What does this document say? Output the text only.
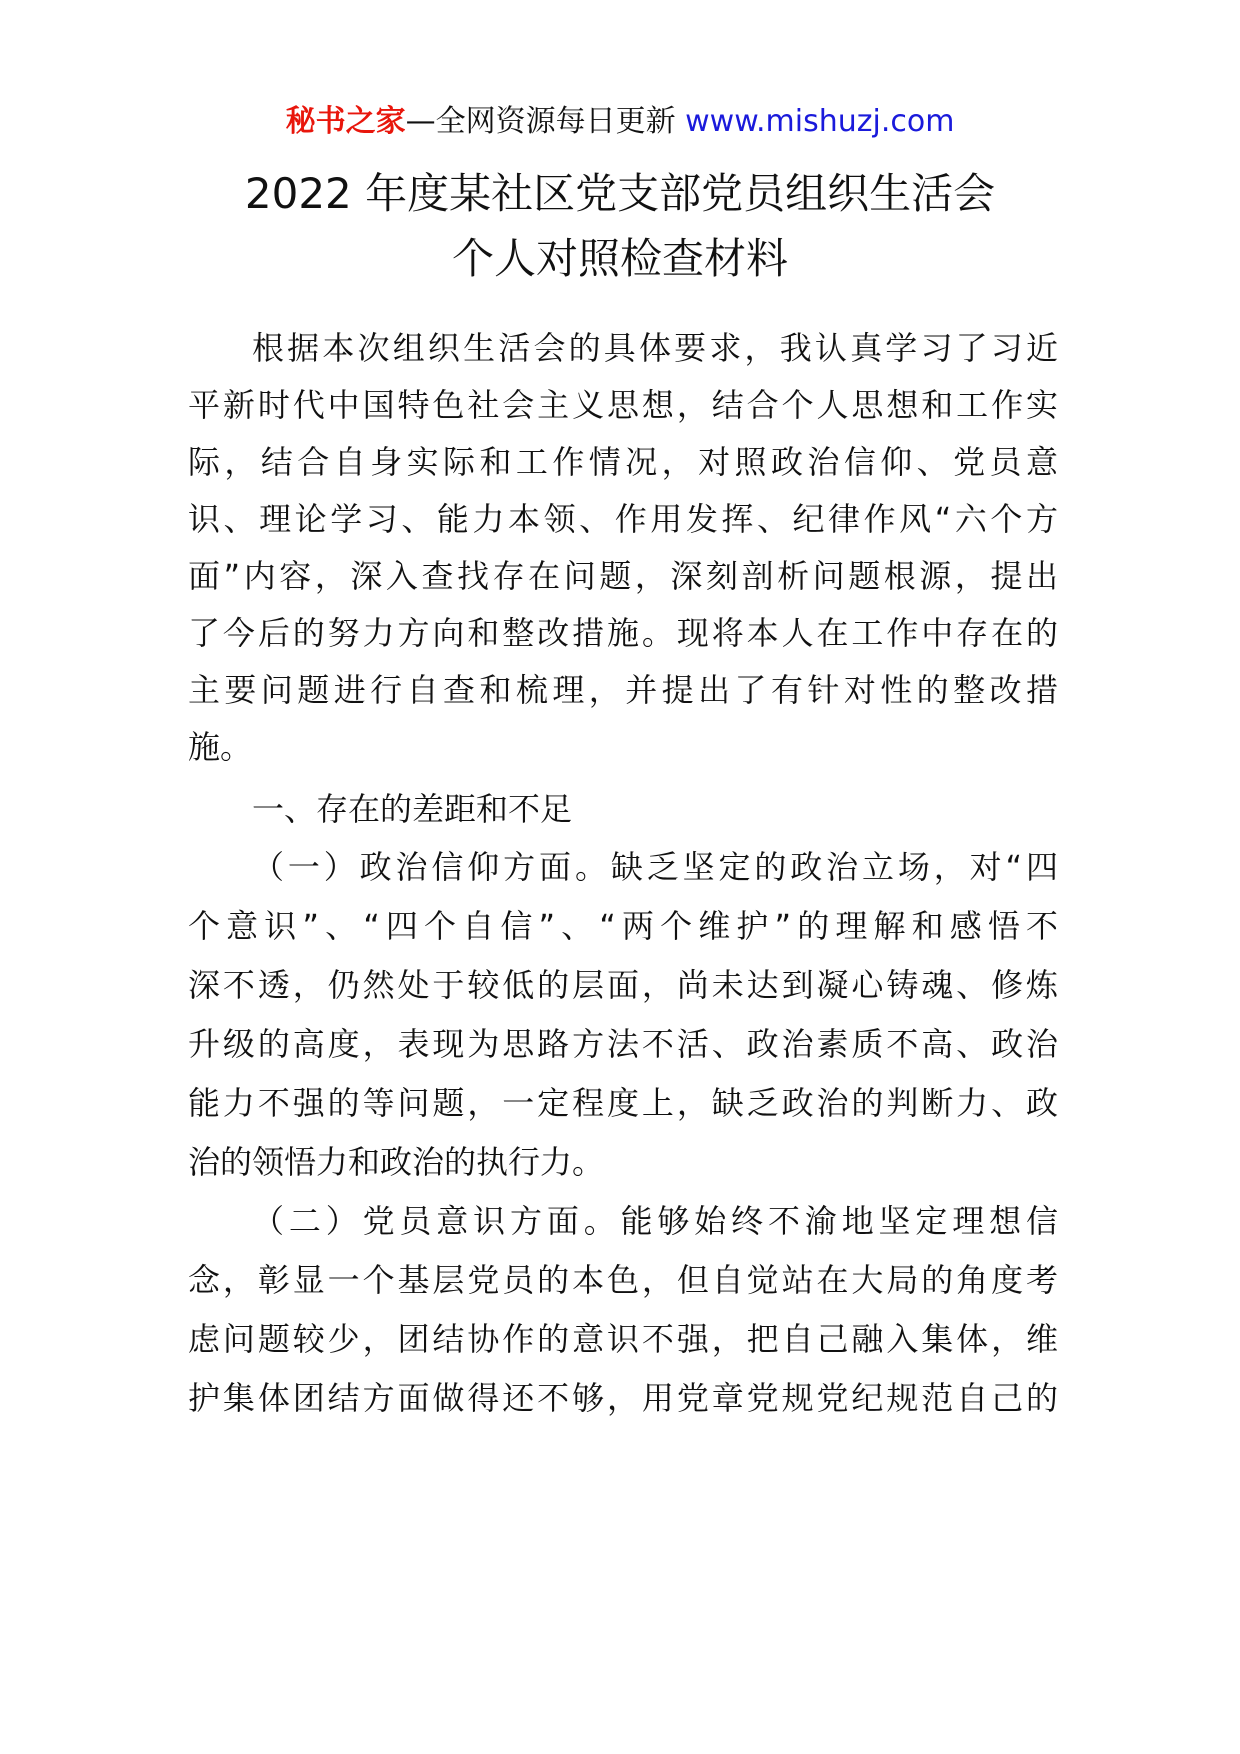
秘书之家—全网资源每日更新 www.mishuzj.com
2022 年度某社区党支部党员组织生活会
个人对照检查材料
根据本次组织生活会的具体要求，我认真学习了习近
平新时代中国特色社会主义思想，结合个人思想和工作实
际，结合自身实际和工作情况，对照政治信仰、党员意
识、理论学习、能力本领、作用发挥、纪律作风“六个方
面”内容，深入查找存在问题，深刻剖析问题根源，提出
了今后的努力方向和整改措施。现将本人在工作中存在的
主要问题进行自查和梳理，并提出了有针对性的整改措
施。
一、存在的差距和不足
（一）政治信仰方面。缺乏坚定的政治立场，对“四
个意识”、“四个自信”、“两个维护”的理解和感悟不
深不透，仍然处于较低的层面，尚未达到凝心铸魂、修炼
升级的高度，表现为思路方法不活、政治素质不高、政治
能力不强的等问题，一定程度上，缺乏政治的判断力、政
治的领悟力和政治的执行力。
（二）党员意识方面。能够始终不渝地坚定理想信
念，彰显一个基层党员的本色，但自觉站在大局的角度考
虑问题较少，团结协作的意识不强，把自己融入集体，维
护集体团结方面做得还不够，用党章党规党纪规范自己的
